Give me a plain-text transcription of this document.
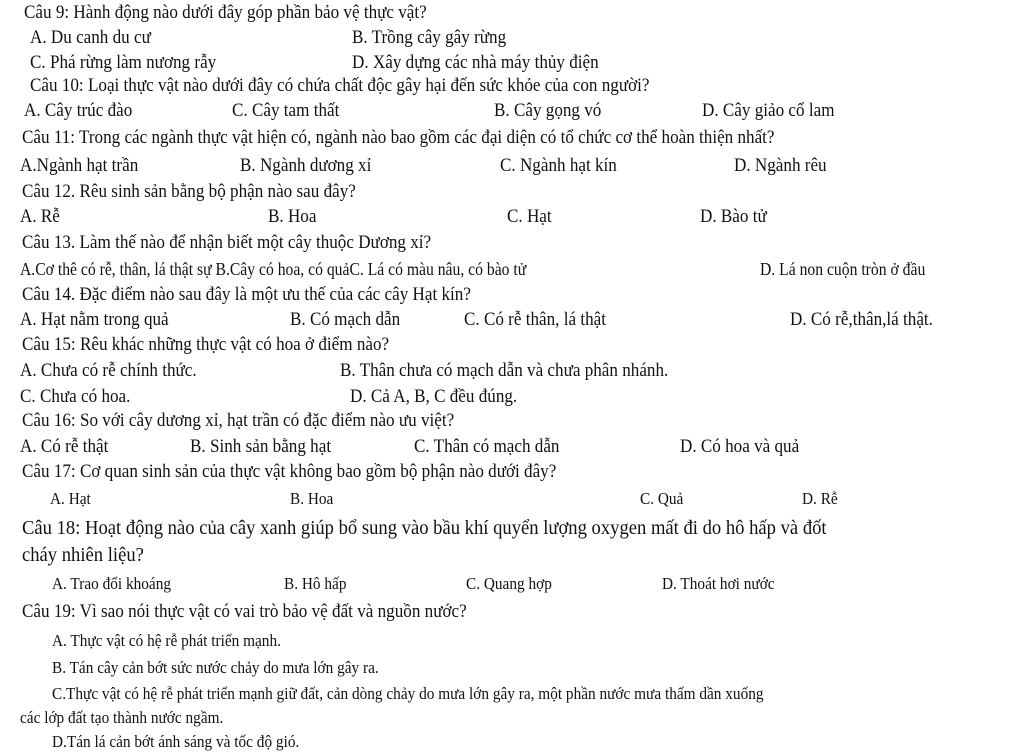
Câu 9: Hành động nào dưới đây góp phần bảo vệ thực vật?
A. Du canh du cư	B. Trồng cây gây rừng
C. Phá rừng làm nương rẫy	D. Xây dựng các nhà máy thủy điện
Câu 10: Loại thực vật nào dưới đây có chứa chất độc gây hại đến sức khỏe của con người?
A. Cây trúc đào	C. Cây tam thất	B. Cây gọng vó	D. Cây giảo cổ lam
Câu 11: Trong các ngành thực vật hiện có, ngành nào bao gồm các đại diện có tổ chức cơ thể hoàn thiện nhất?
A.Ngành hạt trần	B. Ngành dương xỉ	C. Ngành hạt kín	D. Ngành rêu
Câu 12. Rêu sinh sản bằng bộ phận nào sau đây?
A. Rễ	B. Hoa	C. Hạt	D. Bào tử
Câu 13. Làm thế nào để nhận biết một cây thuộc Dương xỉ?
A.Cơ thê có rễ, thân, lá thật sự B.Cây có hoa, có quảC. Lá có màu nâu, có bào tử	D. Lá non cuộn tròn ở đầu
Câu 14. Đặc điểm nào sau đây là một ưu thế của các cây Hạt kín?
A. Hạt nằm trong quả	B. Có mạch dẫn	C. Có rễ thân, lá thật	D. Có rễ,thân,lá thật.
Câu 15: Rêu khác những thực vật có hoa ở điểm nào?
A. Chưa có rễ chính thức.	B. Thân chưa có mạch dẫn và chưa phân nhánh.
C. Chưa có hoa.	D. Cả A, B, C đều đúng.
Câu 16: So với cây dương xỉ, hạt trần có đặc điểm nào ưu việt?
A. Có rễ thật	B. Sinh sản bằng hạt	C. Thân có mạch dẫn	D. Có hoa và quả
Câu 17: Cơ quan sinh sản của thực vật không bao gồm bộ phận nào dưới đây?
A. Hạt	B. Hoa	C. Quả	D. Rễ
Câu 18: Hoạt động nào của cây xanh giúp bổ sung vào bầu khí quyển lượng oxygen mất đi do hô hấp và đốt
cháy nhiên liệu?
A. Trao đổi khoáng	B. Hô hấp	C. Quang hợp	D. Thoát hơi nước
Câu 19: Vì sao nói thực vật có vai trò bảo vệ đất và nguồn nước?
A. Thực vật có hệ rễ phát triển mạnh.
B. Tán cây cản bớt sức nước chảy do mưa lớn gây ra.
C.Thực vật có hệ rễ phát triển mạnh giữ đất, cản dòng chảy do mưa lớn gây ra, một phần nước mưa thấm dần xuống
các lớp đất tạo thành nước ngầm.
D.Tán lá cản bớt ánh sáng và tốc độ gió.
